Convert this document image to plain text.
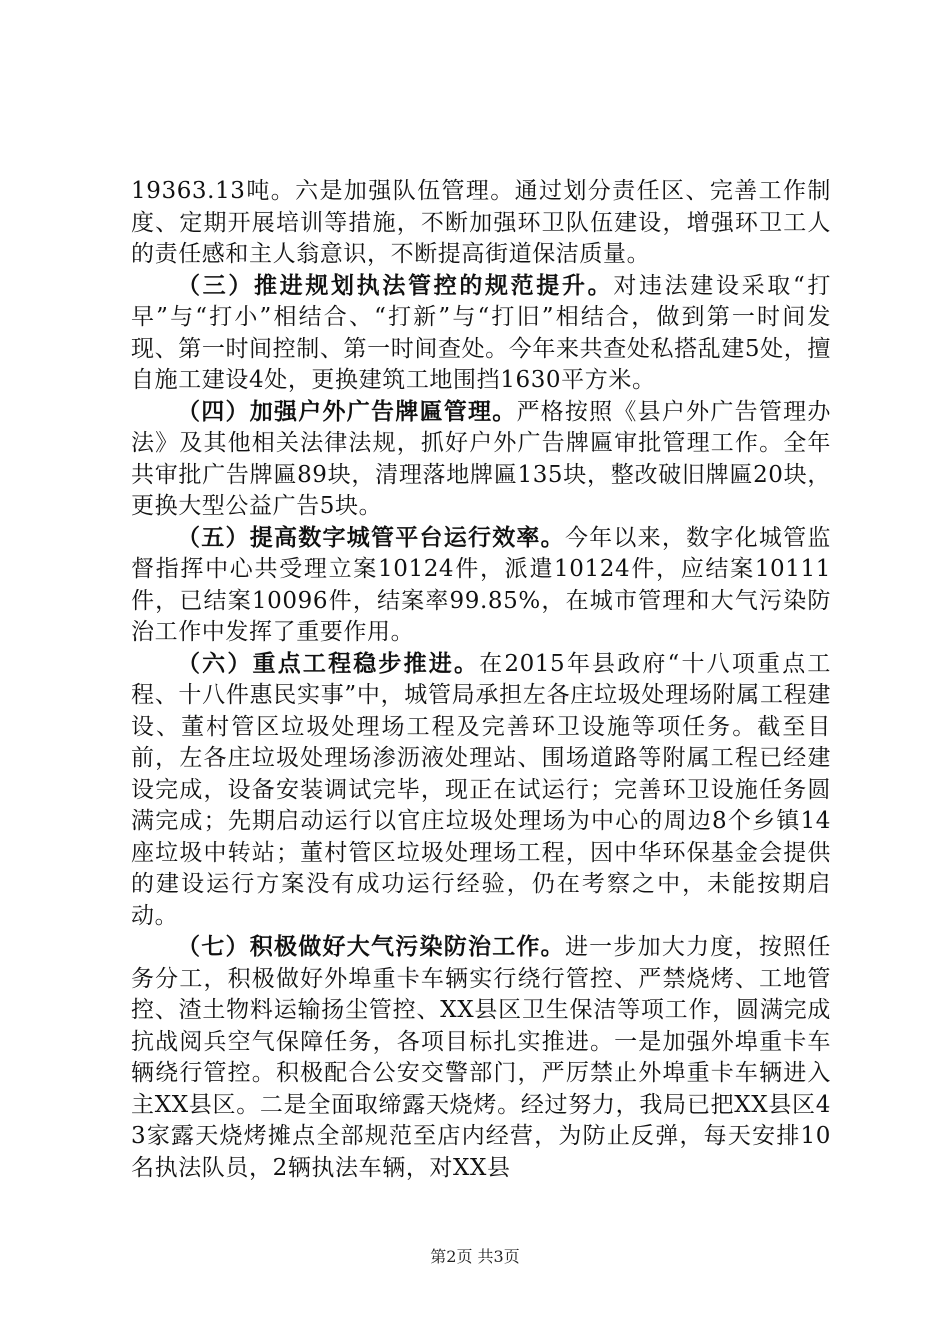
19363.13吨。六是加强队伍管理。通过划分责任区、完善工作制度、定期开展培训等措施，不断加强环卫队伍建设，增强环卫工人的责任感和主人翁意识，不断提高街道保洁质量。

（三）推进规划执法管控的规范提升。对违法建设采取“打早”与“打小”相结合、“打新”与“打旧”相结合，做到第一时间发现、第一时间控制、第一时间查处。今年来共查处私搭乱建5处，擅自施工建设4处，更换建筑工地围挡1630平方米。

（四）加强户外广告牌匾管理。严格按照《县户外广告管理办法》及其他相关法律法规，抓好户外广告牌匾审批管理工作。全年共审批广告牌匾89块，清理落地牌匾135块，整改破旧牌匾20块，更换大型公益广告5块。

（五）提高数字城管平台运行效率。今年以来，数字化城管监督指挥中心共受理立案10124件，派遣10124件，应结案10111件，已结案10096件，结案率99.85%，在城市管理和大气污染防治工作中发挥了重要作用。

（六）重点工程稳步推进。在2015年县政府“十八项重点工程、十八件惠民实事”中，城管局承担左各庄垃圾处理场附属工程建设、董村管区垃圾处理场工程及完善环卫设施等项任务。截至目前，左各庄垃圾处理场渗沥液处理站、围场道路等附属工程已经建设完成，设备安装调试完毕，现正在试运行；完善环卫设施任务圆满完成；先期启动运行以官庄垃圾处理场为中心的周边8个乡镇14座垃圾中转站；董村管区垃圾处理场工程，因中华环保基金会提供的建设运行方案没有成功运行经验，仍在考察之中，未能按期启动。

（七）积极做好大气污染防治工作。进一步加大力度，按照任务分工，积极做好外埠重卡车辆实行绕行管控、严禁烧烤、工地管控、渣土物料运输扬尘管控、XX县区卫生保洁等项工作，圆满完成抗战阅兵空气保障任务，各项目标扎实推进。一是加强外埠重卡车辆绕行管控。积极配合公安交警部门，严厉禁止外埠重卡车辆进入主XX县区。二是全面取缔露天烧烤。经过努力，我局已把XX县区43家露天烧烤摊点全部规范至店内经营，为防止反弹，每天安排10名执法队员，2辆执法车辆，对XX县

第2页 共3页
